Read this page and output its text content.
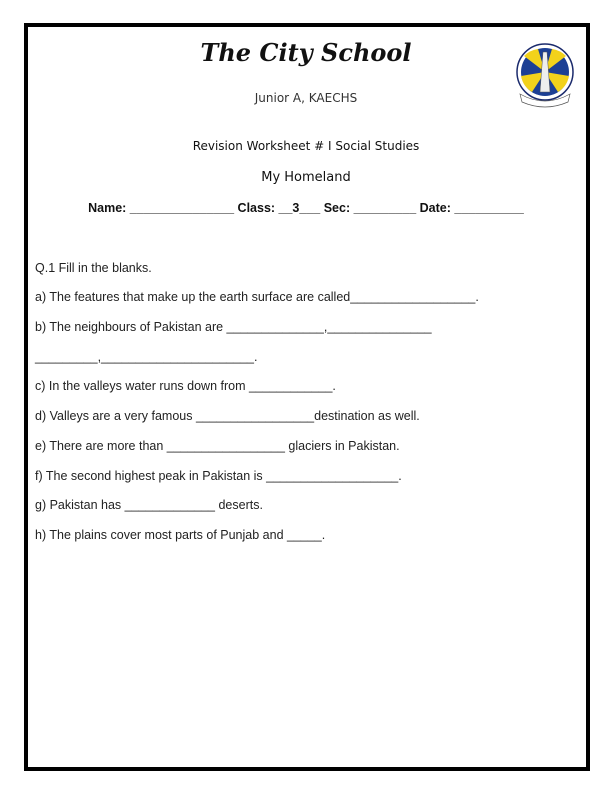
The City School
Junior A, KAECHS
Revision Worksheet # I Social Studies
My Homeland
Name: _______________ Class: __3___ Sec: _________ Date: __________
Q.1 Fill in the blanks.
a) The features that make up the earth surface are called__________________.
b) The neighbours of Pakistan are ______________,_______________
_________,______________________.
c) In the valleys water runs down from ____________.
d) Valleys are a very famous _________________destination as well.
e) There are more than _________________ glaciers in Pakistan.
f) The second highest peak in Pakistan is ___________________.
g) Pakistan has _____________ deserts.
h) The plains cover most parts of Punjab and _____.
